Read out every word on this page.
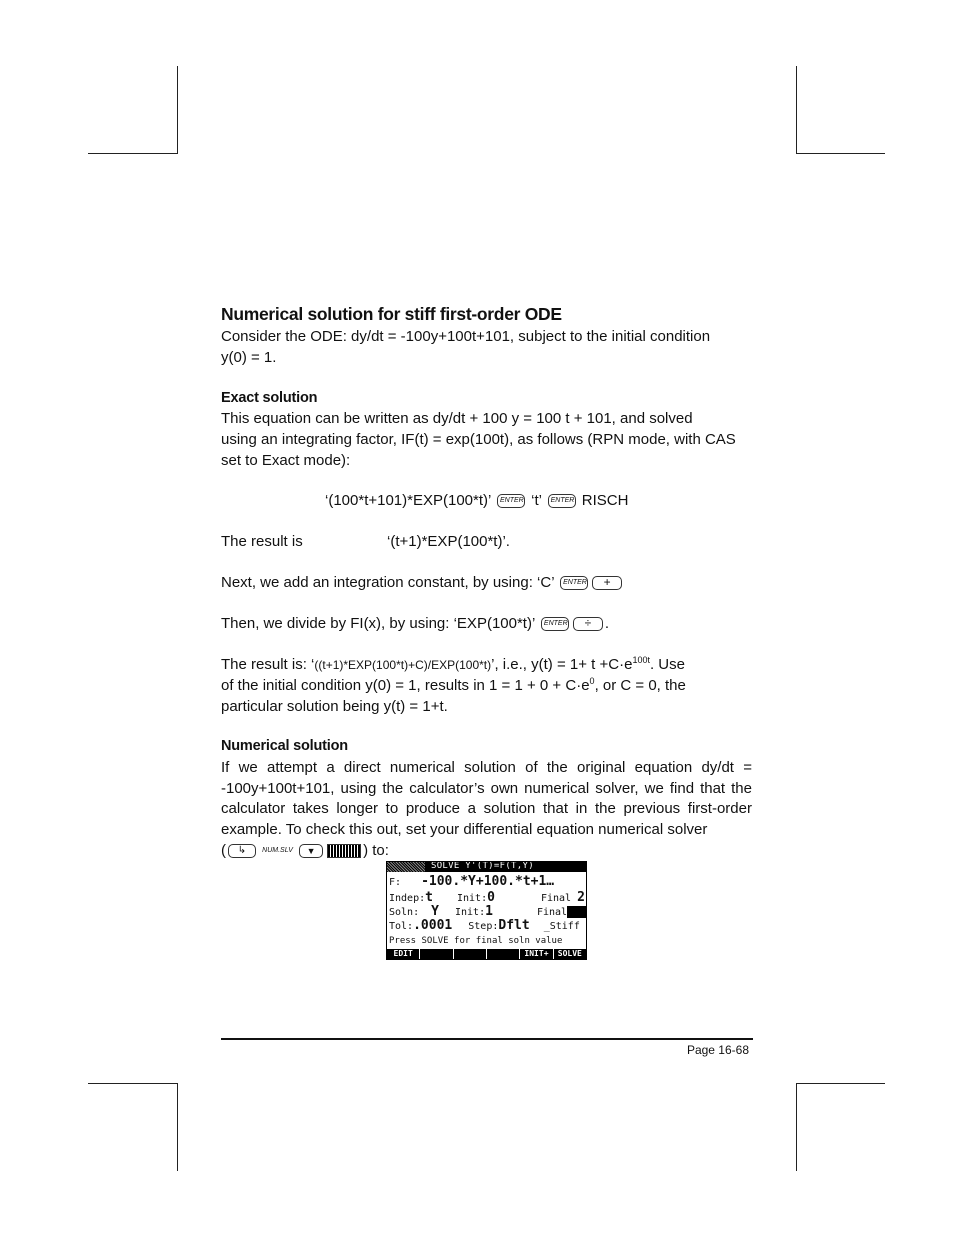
Numerical solution for stiff first-order ODE
Consider the ODE: dy/dt = -100y+100t+101, subject to the initial condition
y(0) = 1.
Exact solution
This equation can be written as dy/dt + 100 y = 100 t + 101, and solved
using an integrating factor, IF(t) = exp(100t), as follows (RPN mode, with CAS
set to Exact mode):
‘(100*t+101)*EXP(100*t)’ ENTER ‘t’ ENTER RISCH
The result is	‘(t+1)*EXP(100*t)’.
Next, we add an integration constant, by using: ‘C’ ENTER +
Then, we divide by FI(x), by using: ‘EXP(100*t)’ ENTER ÷ .
The result is: ‘((t+1)*EXP(100*t)+C)/EXP(100*t)’, i.e., $y(t) = 1+ t +C\cdot e^{100t}$. Use
of the initial condition y(0) = 1, results in $1 = 1 + 0 + C\cdot e^0$, or C = 0, the
particular solution being y(t) = 1+t.
Numerical solution
If we attempt a direct numerical solution of the original equation dy/dt = -100y+100t+101, using the calculator’s own numerical solver, we find that the calculator takes longer to produce a solution that in the previous first-order example. To check this out, set your differential equation numerical solver
( ↳ NUM.SLV ▼	) to:
SOLVE Y'(T)=F(T,Y)
F: -100.*Y+100.*t+1…
Indep:t Init:0	Final 2
Soln: Y Init:1	Final
Tol:.0001 Step:Dflt _Stiff
Press SOLVE for final soln value
EDIT	INIT+	SOLVE
Page 16-68
